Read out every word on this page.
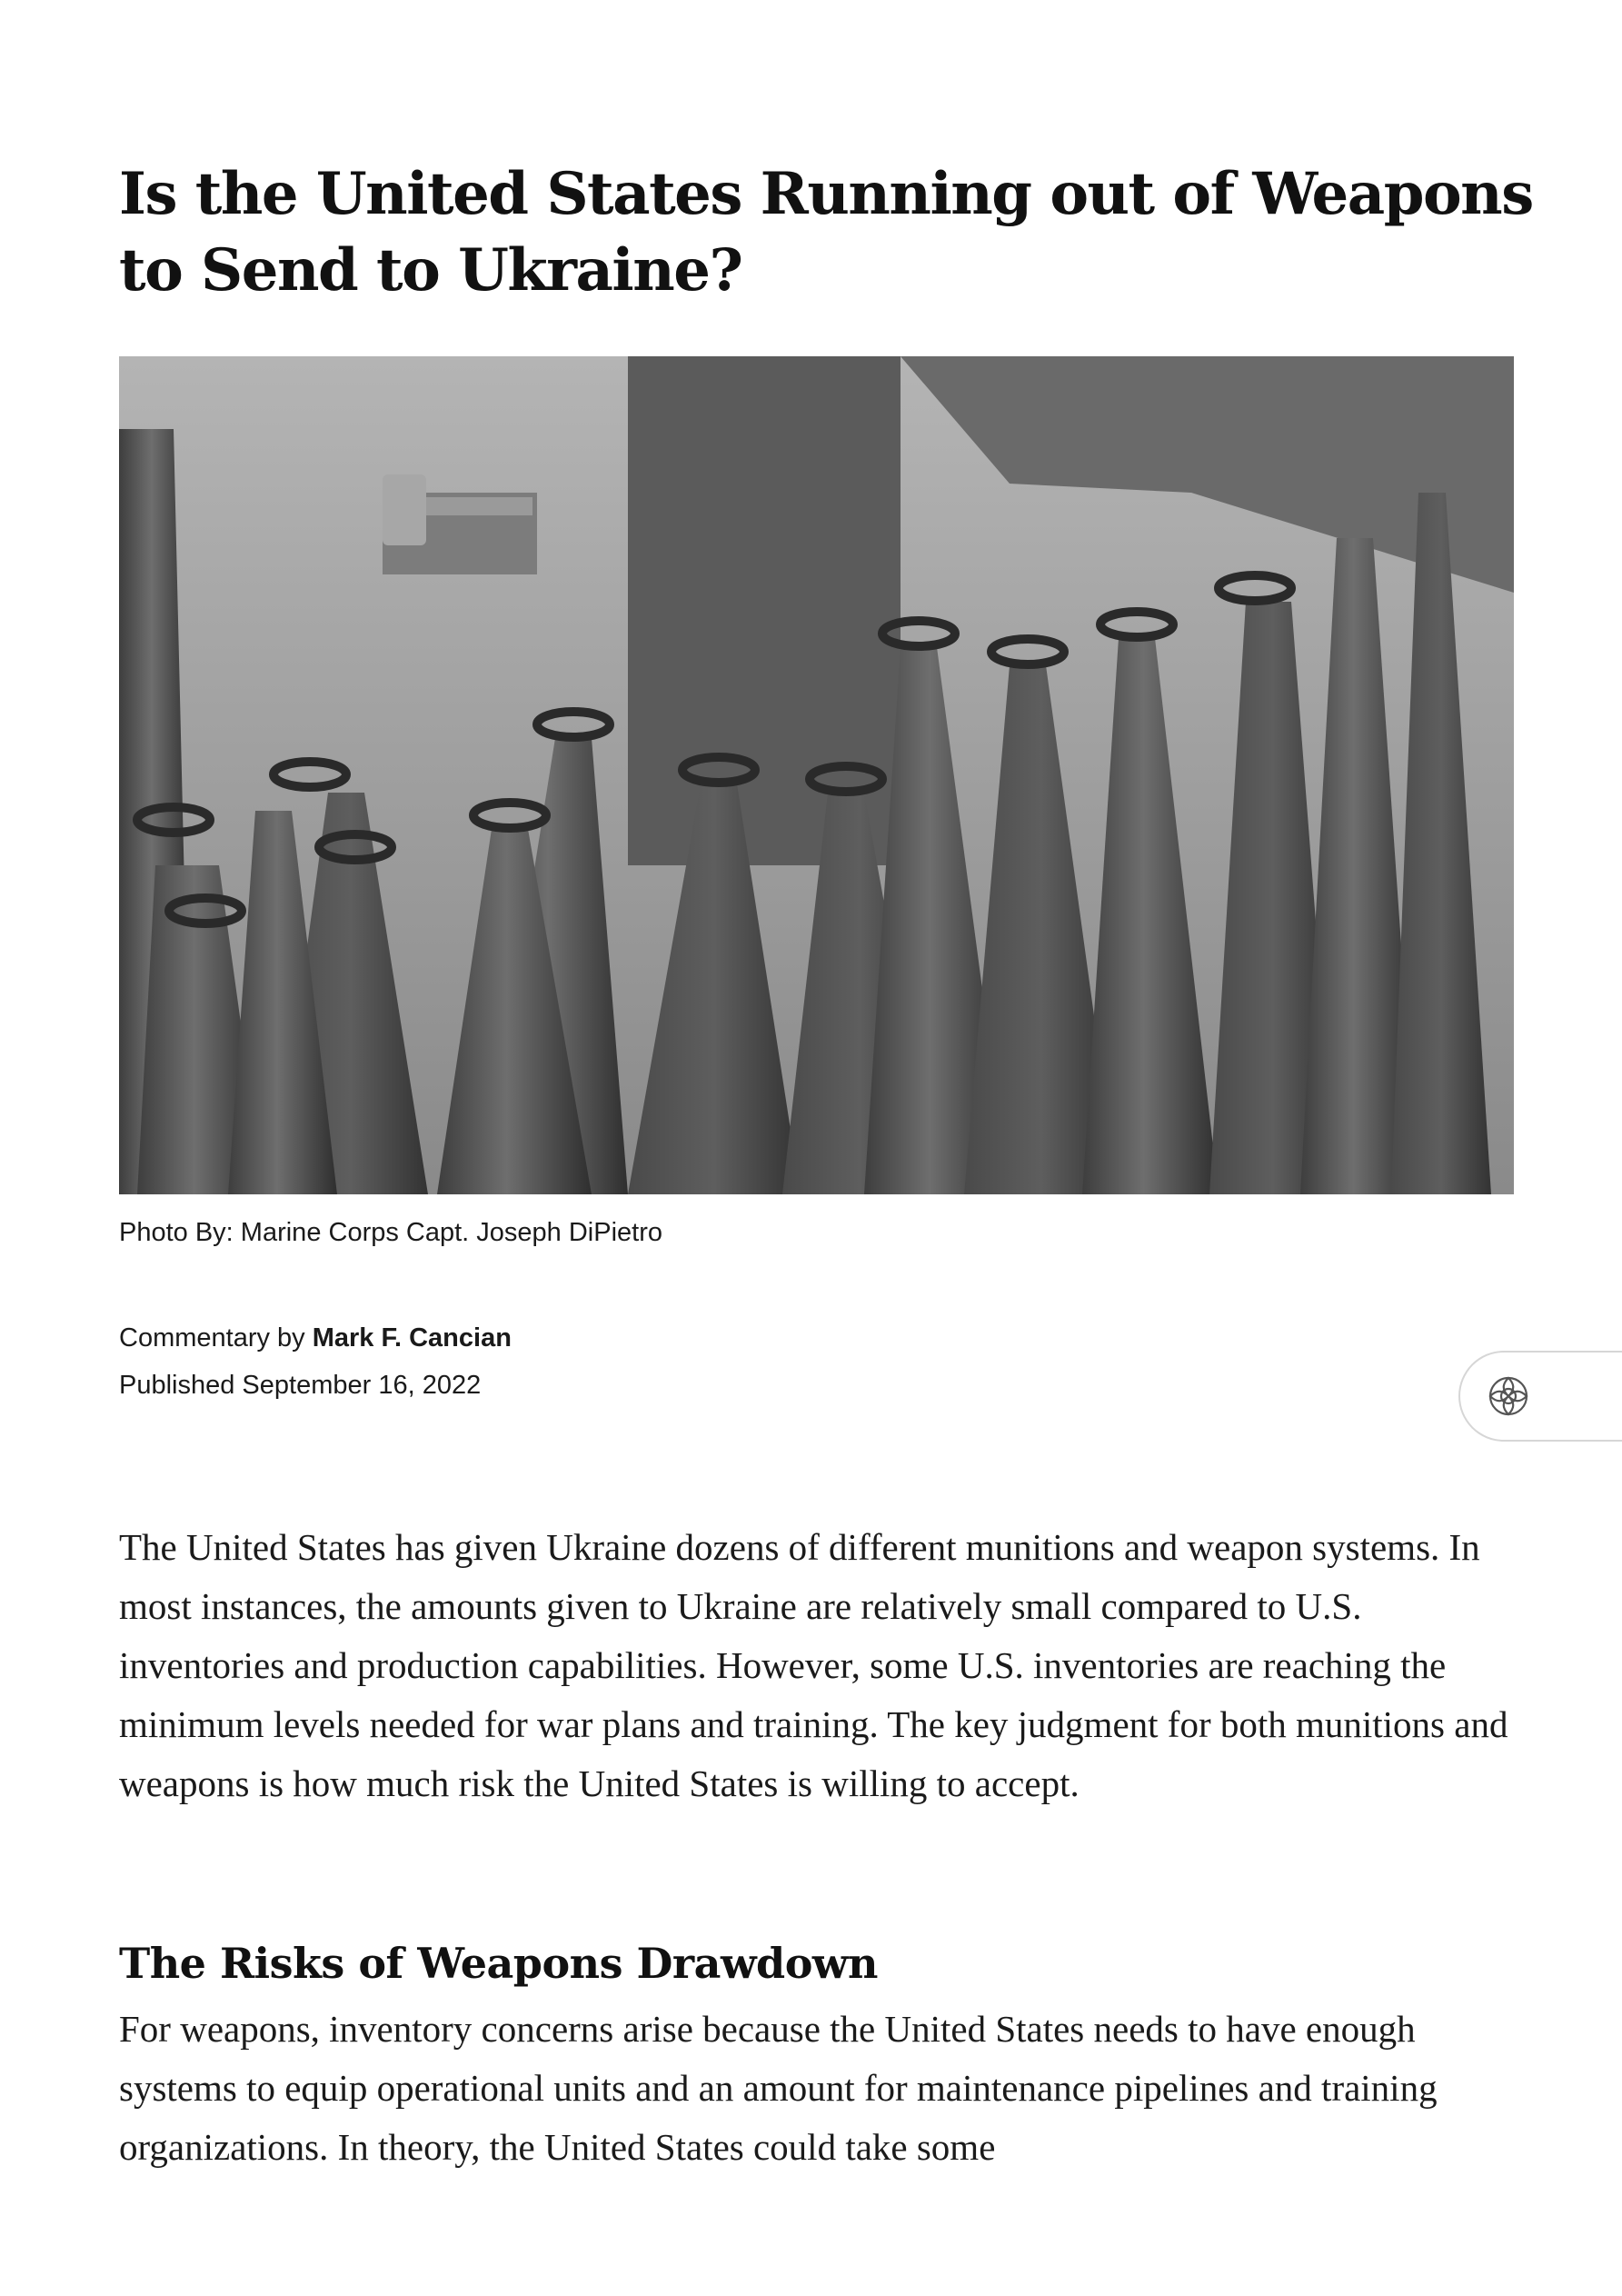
Is the United States Running out of Weapons to Send to Ukraine?
Photo By: Marine Corps Capt. Joseph DiPietro
Commentary by Mark F. Cancian
Published September 16, 2022

The United States has given Ukraine dozens of different munitions and weapon systems. In most instances, the amounts given to Ukraine are relatively small compared to U.S. inventories and production capabilities. However, some U.S. inventories are reaching the minimum levels needed for war plans and training. The key judgment for both munitions and weapons is how much risk the United States is willing to accept.

The Risks of Weapons Drawdown

For weapons, inventory concerns arise because the United States needs to have enough systems to equip operational units and an amount for maintenance pipelines and training organizations. In theory, the United States could take some
